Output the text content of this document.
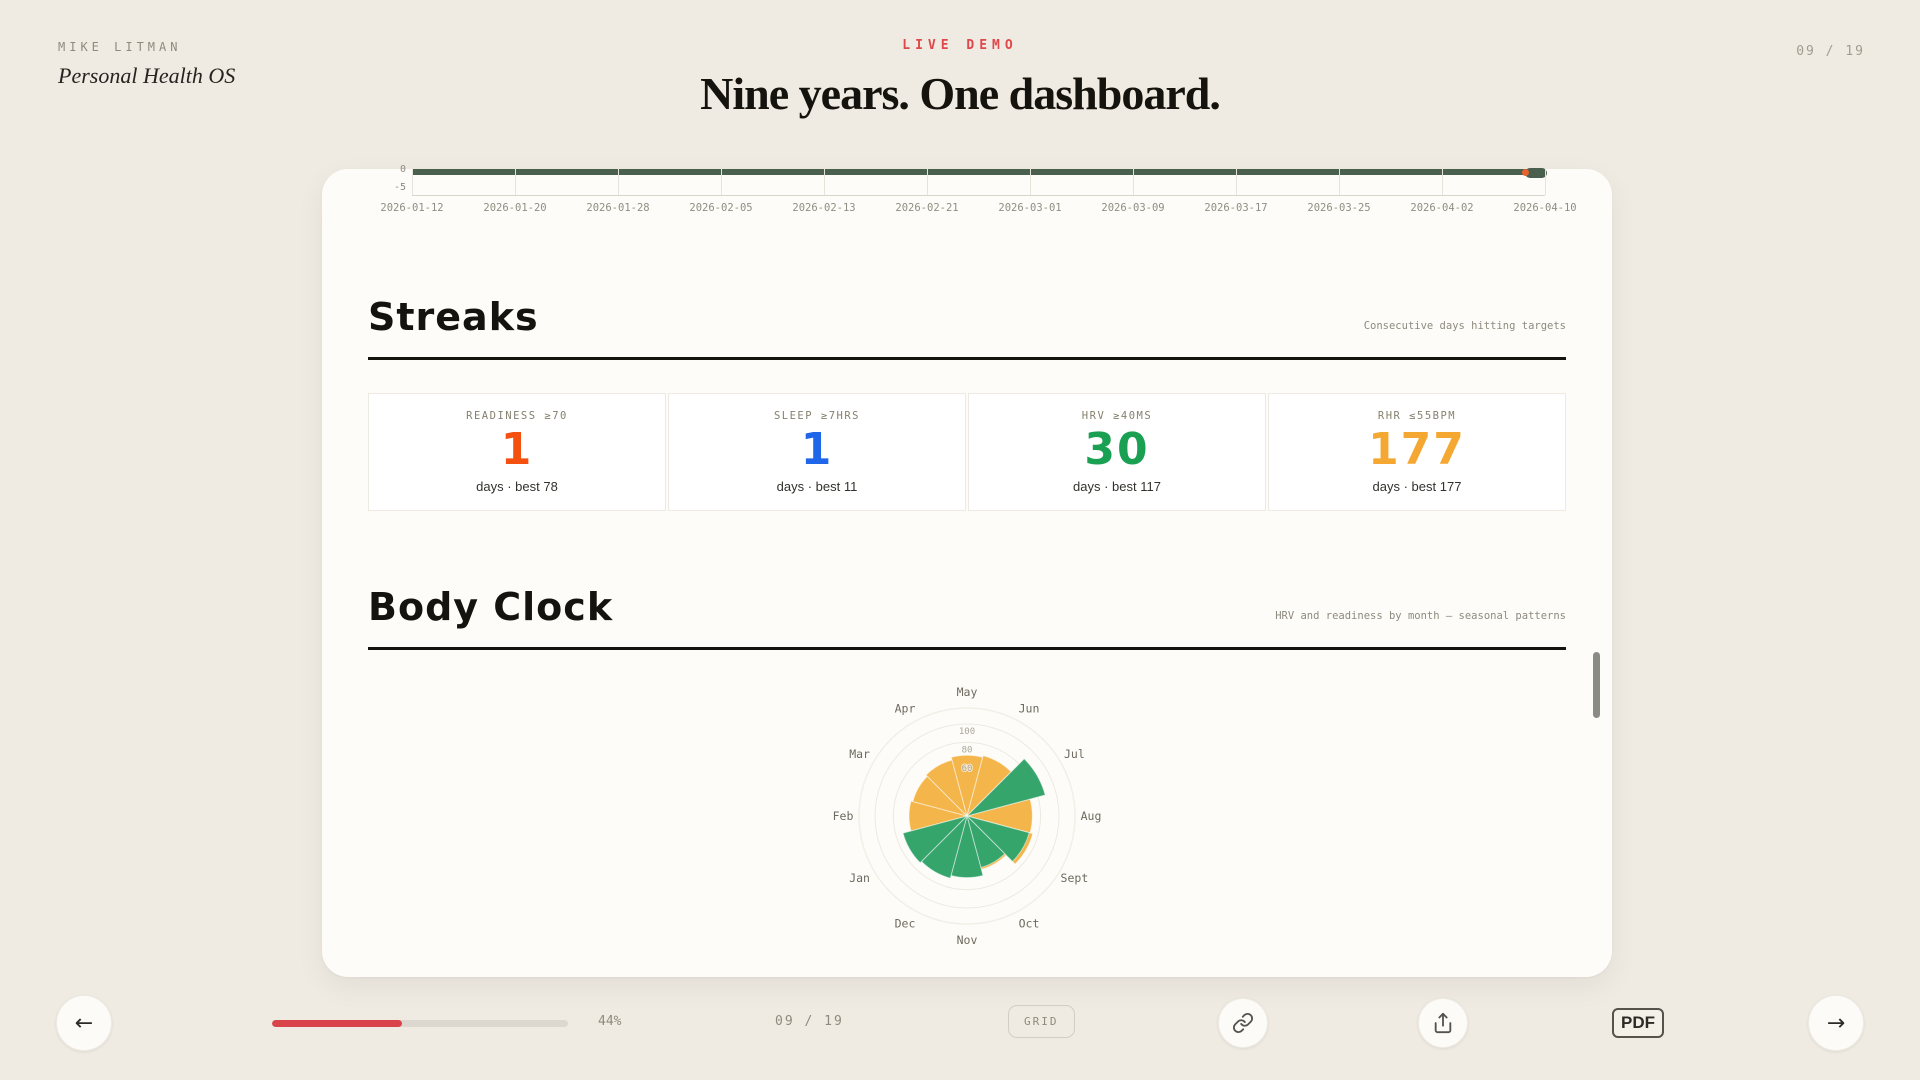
MIKE LITMAN
Personal Health OS
LIVE DEMO
Nine years. One dashboard.
09 / 19
0
-5
2026-01-12	2026-01-20	2026-01-28	2026-02-05	2026-02-13	2026-02-21	2026-03-01	2026-03-09	2026-03-17	2026-03-25	2026-04-02	2026-04-10
Streaks	Consecutive days hitting targets
READINESS ≥70
1
days · best 78
SLEEP ≥7HRS
1
days · best 11
HRV ≥40MS
30
days · best 117
RHR ≤55BPM
177
days · best 177
Body Clock	HRV and readiness by month — seasonal patterns
100
80
60
Jan
Feb
Mar
Apr
May
Jun
Jul
Aug
Sept
Oct
Nov
Dec
←	44%	09 / 19	GRID	PDF	→
